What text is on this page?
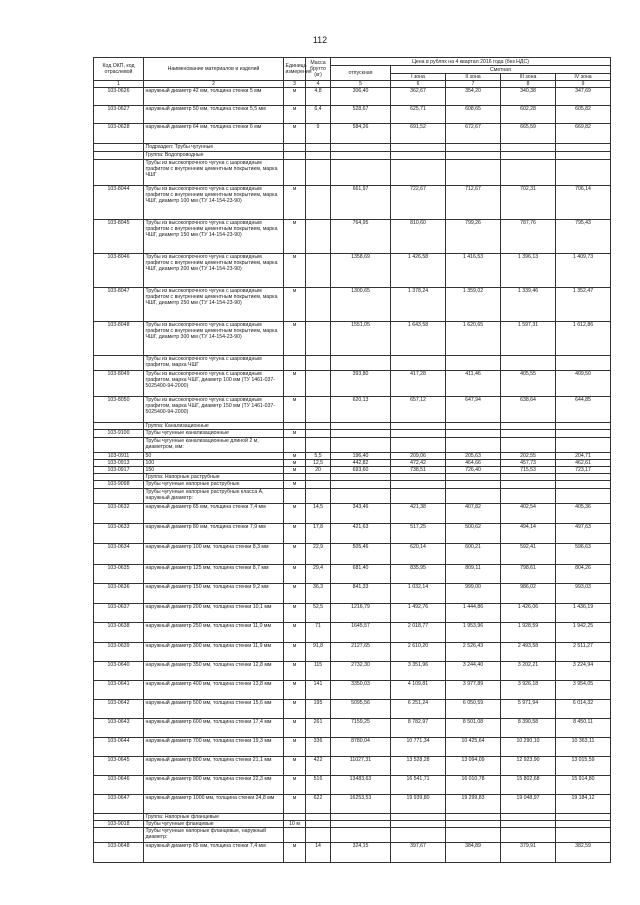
112
Код ОКП, код отраслевой	Наименование материалов и изделий	Единица измерения	Масса брутто (кг)	Цена в рублях на 4 квартал 2016 года (без НДС)				
				отпускная	Сметная			
					I зона	II зона	III зона	IV зона
1	2	3	4	5	6	7	8	9
103-0626	наружный диаметр 42 мм, толщина стенки 5 мм	м	4,8	306,40	362,67	354,20	340,38	347,69
103-0627	наружный диаметр 50 мм, толщина стенки 5,5 мм	м	6,4	528,67	625,71	608,65	602,28	605,82
103-0628	наружный диаметр 64 мм, толщина стенки 6 мм	м	9	584,26	691,52	672,67	665,59	669,82
	Подраздел: Трубы чугунные							
	Группа: Водопроводные							
	Трубы из высокопрочного чугуна с шаровидным графитом с внутренним цементным покрытием, марка ЧШГ							
103-8044	Трубы из высокопрочного чугуна с шаровидным графитом с внутренним цементным покрытием, марка ЧШГ, диаметр 100 мм (ТУ 14-154-23-90)	м		661,97	722,67	712,67	702,31	706,14
103-8045	Трубы из высокопрочного чугуна с шаровидным графитом с внутренним цементным покрытием, марка ЧШГ, диаметр 150 мм (ТУ 14-154-23-90)	м		764,95	810,60	799,26	787,76	795,43
103-8046	Трубы из высокопрочного чугуна с шаровидным графитом с внутренним цементным покрытием, марка ЧШГ, диаметр 200 мм (ТУ 14-154-23-90)	м		1358,69	1 426,58	1 416,53	1 396,13	1 409,73
103-8047	Трубы из высокопрочного чугуна с шаровидным графитом с внутренним цементным покрытием, марка ЧШГ, диаметр 250 мм (ТУ 14-154-23-90)	м		1300,65	1 378,24	1 359,02	1 339,46	1 352,47
103-8048	Трубы из высокопрочного чугуна с шаровидным графитом с внутренним цементным покрытием, марка ЧШГ, диаметр 300 мм (ТУ 14-154-23-90)	м		1551,05	1 643,58	1 620,65	1 597,31	1 612,86
	Трубы из высокопрочного чугуна с шаровидным графитом, марка ЧШГ							
103-8049	Трубы из высокопрочного чугуна с шаровидным графитом, марка ЧШГ, диаметр 100 мм (ТУ 1461-037-5025400-94-2000)	м		393,80	417,28	411,46	405,55	409,50
103-8050	Трубы из высокопрочного чугуна с шаровидным графитом, марка ЧШГ, диаметр 150 мм (ТУ 1461-037-5025400-94-2000)	м		620,13	657,12	647,94	638,64	644,85
	Группа: Канализационные							
103-9100	Трубы чугунные канализационные	м						
	Трубы чугунные канализационные длиной 2 м, диаметром, мм:							
103-0911	50	м	5,5	196,40	209,06	205,63	202,55	204,71
103-0913	100	м	12,5	442,82	472,42	464,66	457,73	462,61
103-0917	150	м	20	693,60	738,51	726,40	715,53	723,17
	Группа: Напорные раструбные							
103-9098	Трубы чугунные напорные раструбные	м						
	Трубы чугунные напорные раструбные класса А, наружный диаметр:							
103-0632	наружный диаметр 65 мм, толщина стенки 7,4 мм	м	14,5	343,46	421,38	407,82	402,54	405,36
103-0633	наружный диаметр 80 мм, толщина стенки 7,9 мм	м	17,8	421,63	517,25	500,62	494,14	497,63
103-0634	наружный диаметр 100 мм, толщина стенки 8,3 мм	м	22,9	505,46	620,14	600,21	592,41	596,63
103-0635	наружный диаметр 125 мм, толщина стенки 8,7 мм	м	29,4	681,40	835,95	809,11	798,61	804,26
103-0636	наружный диаметр 150 мм, толщина стенки 9,2 мм	м	36,3	841,33	1 032,14	999,00	986,02	993,03
103-0637	наружный диаметр 200 мм, толщина стенки 10,1 мм	м	52,5	1216,79	1 492,76	1 444,86	1 426,06	1 436,19
103-0638	наружный диаметр 250 мм, толщина стенки 11,0 мм	м	71	1645,57	2 018,77	1 953,96	1 928,59	1 942,25
103-0639	наружный диаметр 300 мм, толщина стенки 11,9 мм	м	91,8	2127,65	2 610,20	2 526,43	2 493,58	2 511,27
103-0640	наружный диаметр 350 мм, толщина стенки 12,8 мм	м	115	2732,30	3 351,96	3 244,40	3 202,21	3 224,94
103-0641	наружный диаметр 400 мм, толщина стенки 13,8 мм	м	141	3350,03	4 109,81	3 977,89	3 926,18	3 954,05
103-0642	наружный диаметр 500 мм, толщина стенки 15,6 мм	м	195	5095,56	6 251,24	6 050,59	5 971,94	6 014,32
103-0643	наружный диаметр 600 мм, толщина стенки 17,4 мм	м	261	7159,25	8 782,97	8 501,08	8 390,58	8 450,11
103-0644	наружный диаметр 700 мм, толщина стенки 19,3 мм	м	336	8780,04	10 771,34	10 425,64	10 290,10	10 363,11
103-0645	наружный диаметр 800 мм, толщина стенки 21,1 мм	м	422	11027,31	13 528,28	13 094,09	12 923,90	13 015,59
103-0646	наружный диаметр 900 мм, толщина стенки 22,3 мм	м	516	13483,63	16 541,71	16 010,78	15 802,68	15 914,80
103-0647	наружный диаметр 1000 мм, толщина стенки 24,8 мм	м	622	16253,53	19 939,80	19 299,83	19 048,97	19 184,12
	Группа: Напорные фланцевые							
103-9018	Трубы чугунные фланцевые	10 м						
	Трубы чугунные напорные фланцевые, наружный диаметр:							
103-0648	наружный диаметр 65 мм, толщина стенки 7,4 мм	м	14	324,15	397,67	384,89	379,91	382,59
